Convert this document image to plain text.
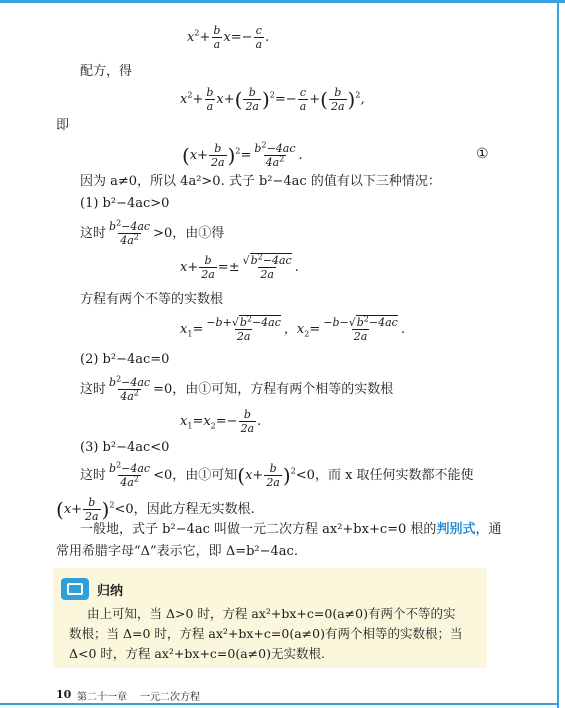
$x^2+ \frac{b}{a} x=- \frac{c}{a}$ .
配方，得
$x^2+ \frac{b}{a} x+( \frac{b}{2a} )^2=- \frac{c}{a}$ +( $\frac{b}{2a} )^2$,
即
$(x+ \frac{b}{2a} )^2= \frac{b^2-4ac}{4a^2}$ .	①
因为 a≠0，所以 4a²>0. 式子 b²−4ac 的值有以下三种情况：
(1) b²−4ac>0
这时 $\frac{b^2-4ac}{4a^2} >0$，由①得
$x+ \frac{b}{2a} =\pm \frac{√b^2-4ac}{2a}$ .
方程有两个不等的实数根
$x_1= \frac{-b+√b^2-4ac}{2a}$ ，$x_2= \frac{-b-√b^2-4ac}{2a}$ .
(2) b²−4ac=0
这时 $\frac{b^2-4ac}{4a^2} =0$，由①可知，方程有两个相等的实数根
$x_1=x_2=- \frac{b}{2a}$ .
(3) b²−4ac<0
这时 $\frac{b^2-4ac}{4a^2} <0$，由①可知$(x+ \frac{b}{2a} )^2<0$，而 x 取任何实数都不能使
$(x+ \frac{b}{2a} )^2<0$，因此方程无实数根.
一般地，式子 b²−4ac 叫做一元二次方程 ax²+bx+c=0 根的判别式，通
常用希腊字母“Δ”表示它，即 Δ=b²−4ac.
归纳
由上可知，当 Δ>0 时，方程 ax²+bx+c=0(a≠0)有两个不等的实
数根；当 Δ=0 时，方程 ax²+bx+c=0(a≠0)有两个相等的实数根；当
Δ<0 时，方程 ax²+bx+c=0(a≠0)无实数根.
10 第二十一章 一元二次方程
